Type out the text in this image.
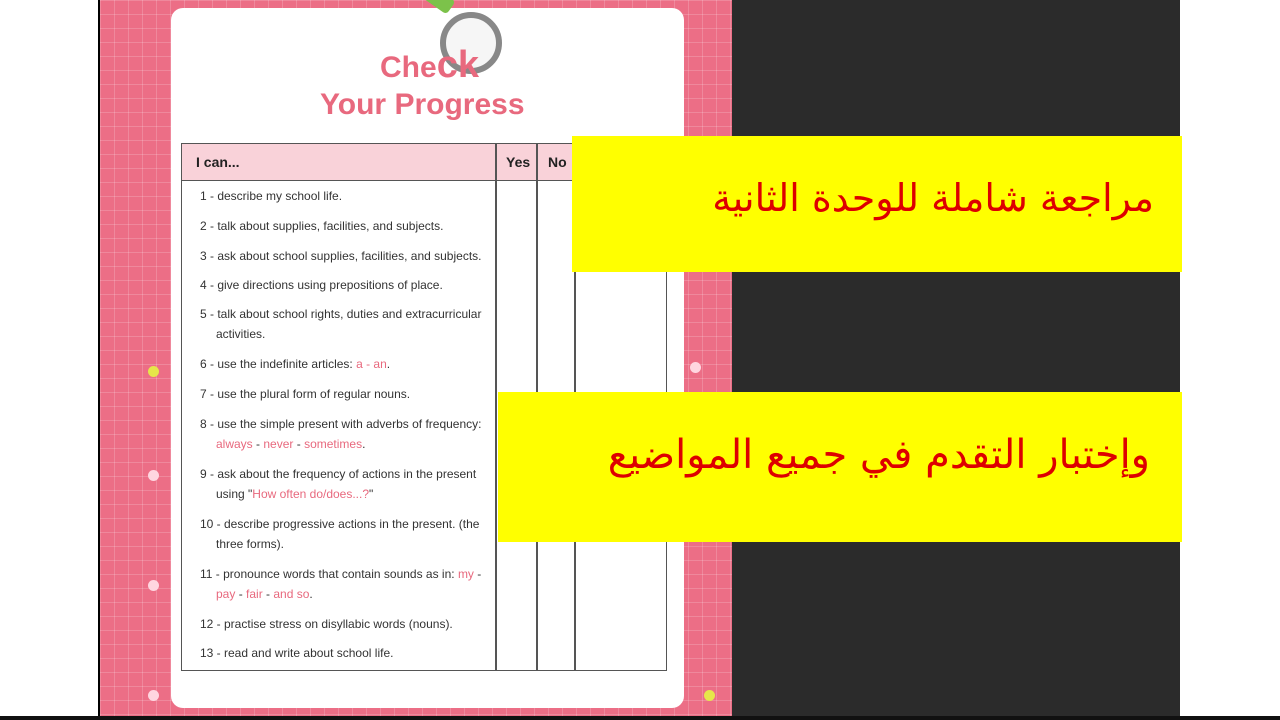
Check
Your Progress
I can...	Yes No
1 - describe my school life.
2 - talk about supplies, facilities, and subjects.
3 - ask about school supplies, facilities, and subjects.
4 - give directions using prepositions of place.
5 - talk about school rights, duties and extracurricular
activities.
6 - use the indefinite articles: a - an.
7 - use the plural form of regular nouns.
8 - use the simple present with adverbs of frequency:
always - never - sometimes.
9 - ask about the frequency of actions in the present
using "How often do/does...?"
10 - describe progressive actions in the present. (the
three forms).
11 - pronounce words that contain sounds as in: my -
pay - fair - and so.
12 - practise stress on disyllabic words (nouns).
13 - read and write about school life.
مراجعة شاملة للوحدة الثانية
وإختبار التقدم في جميع المواضيع
